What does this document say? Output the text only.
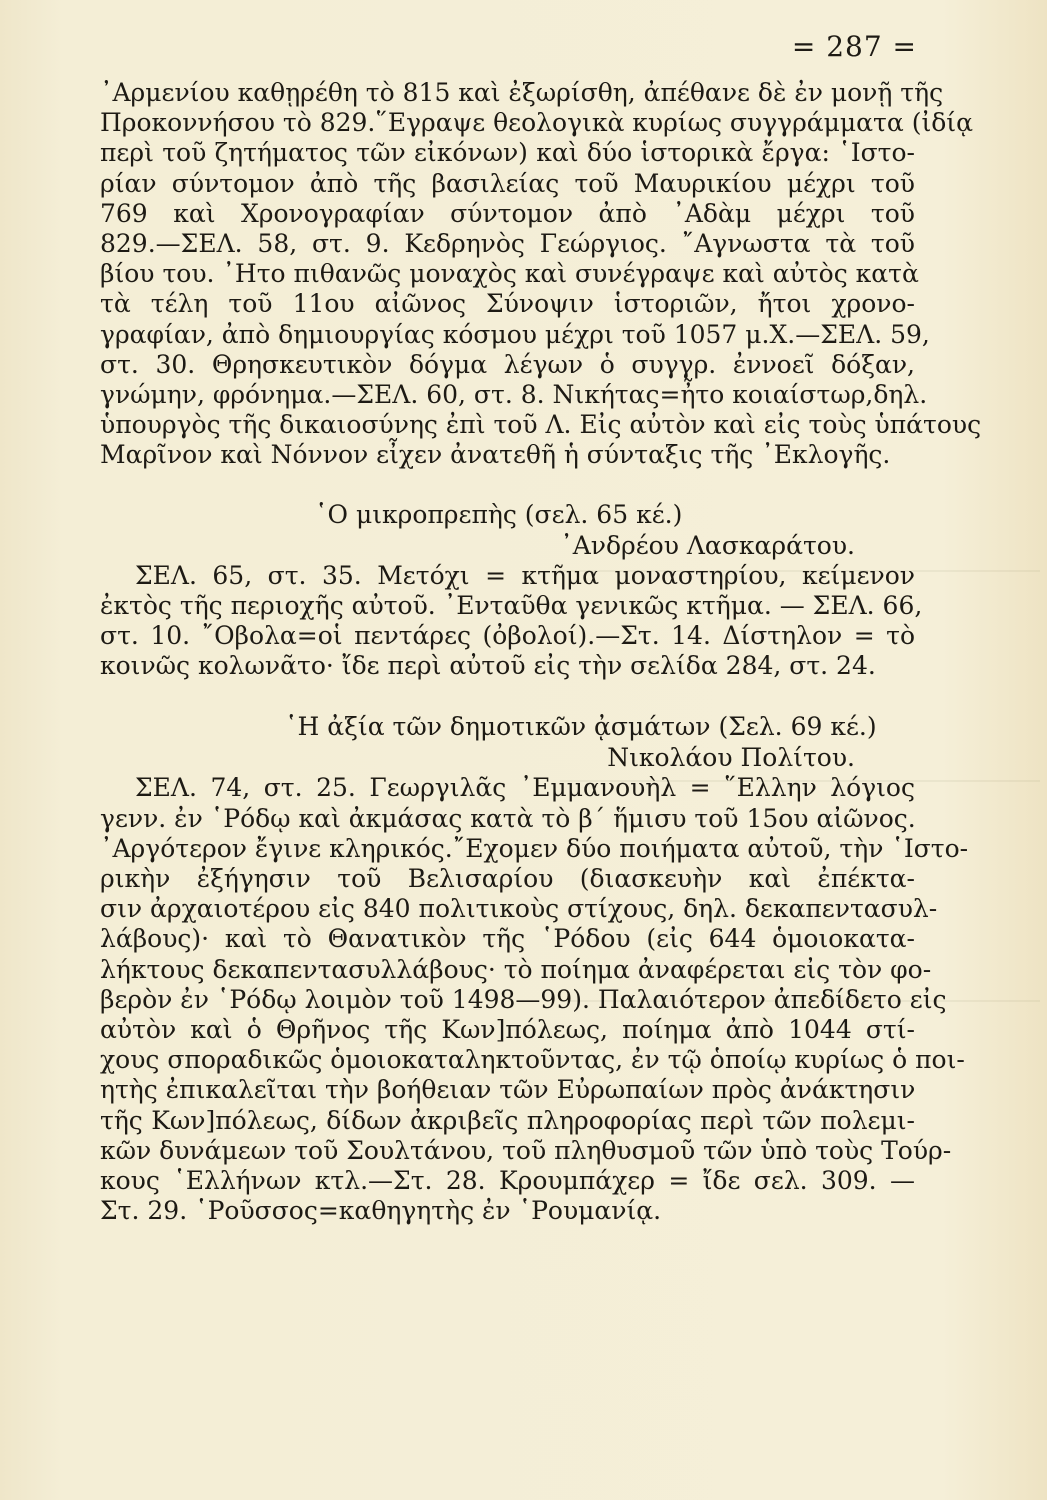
= 287 =
᾿Αρμενίου καθῃρέθη τὸ 815 καὶ ἐξωρίσθη, ἀπέθανε δὲ ἐν μονῇ τῆς
Προκοννήσου τὸ 829.῞Εγραψε θεολογικὰ κυρίως συγγράμματα (ἰδίᾳ
περὶ τοῦ ζητήματος τῶν εἰκόνων) καὶ δύο ἱστορικὰ ἔργα: ῾Ιστο-
ρίαν σύντομον ἀπὸ τῆς βασιλείας τοῦ Μαυρικίου μέχρι τοῦ
769 καὶ Χρονογραφίαν σύντομον ἀπὸ ᾿Αδὰμ μέχρι τοῦ
829.—ΣΕΛ. 58, στ. 9. Κεδρηνὸς Γεώργιος. ῎Αγνωστα τὰ τοῦ
βίου του. ᾿Ητο πιθανῶς μοναχὸς καὶ συνέγραψε καὶ αὐτὸς κατὰ
τὰ τέλη τοῦ 11ου αἰῶνος Σύνοψιν ἱστοριῶν, ἤτοι χρονο-
γραφίαν, ἀπὸ δημιουργίας κόσμου μέχρι τοῦ 1057 μ.Χ.—ΣΕΛ. 59,
στ. 30. Θρησκευτικὸν δόγμα λέγων ὁ συγγρ. ἐννοεῖ δόξαν,
γνώμην, φρόνημα.—ΣΕΛ. 60, στ. 8. Νικήτας=ἦτο κοιαίστωρ,δηλ.
ὑπουργὸς τῆς δικαιοσύνης ἐπὶ τοῦ Λ. Εἰς αὐτὸν καὶ εἰς τοὺς ὑπάτους
Μαρῖνον καὶ Νόννον εἶχεν ἀνατεθῆ ἡ σύνταξις τῆς ᾿Εκλογῆς.
῾Ο μικροπρεπὴς (σελ. 65 κέ.)
᾿Ανδρέου Λασκαράτου.
ΣΕΛ. 65, στ. 35. Μετόχι = κτῆμα μοναστηρίου, κείμενον
ἐκτὸς τῆς περιοχῆς αὐτοῦ. ᾿Ενταῦθα γενικῶς κτῆμα. — ΣΕΛ. 66,
στ. 10. ῎Οβολα=οἱ πεντάρες (ὀβολοί).—Στ. 14. Δίστηλον = τὸ
κοινῶς κολωνᾶτο· ἴδε περὶ αὐτοῦ εἰς τὴν σελίδα 284, στ. 24.
῾Η ἀξία τῶν δημοτικῶν ᾀσμάτων (Σελ. 69 κέ.)
Νικολάου Πολίτου.
ΣΕΛ. 74, στ. 25. Γεωργιλᾶς ᾿Εμμανουὴλ = ῞Ελλην λόγιος
γενν. ἐν ῾Ρόδῳ καὶ ἀκμάσας κατὰ τὸ β΄ ἥμισυ τοῦ 15ου αἰῶνος.
᾿Αργότερον ἔγινε κληρικός.῎Εχομεν δύο ποιήματα αὐτοῦ, τὴν ῾Ιστο-
ρικὴν ἐξήγησιν τοῦ Βελισαρίου (διασκευὴν καὶ ἐπέκτα-
σιν ἀρχαιοτέρου εἰς 840 πολιτικοὺς στίχους, δηλ. δεκαπεντασυλ-
λάβους)· καὶ τὸ Θανατικὸν τῆς ῾Ρόδου (εἰς 644 ὁμοιοκατα-
λήκτους δεκαπεντασυλλάβους· τὸ ποίημα ἀναφέρεται εἰς τὸν φο-
βερὸν ἐν ῾Ρόδῳ λοιμὸν τοῦ 1498—99). Παλαιότερον ἀπεδίδετο εἰς
αὐτὸν καὶ ὁ Θρῆνος τῆς Κων]πόλεως, ποίημα ἀπὸ 1044 στί-
χους σποραδικῶς ὁμοιοκαταληκτοῦντας, ἐν τῷ ὁποίῳ κυρίως ὁ ποι-
ητὴς ἐπικαλεῖται τὴν βοήθειαν τῶν Εὐρωπαίων πρὸς ἀνάκτησιν
τῆς Κων]πόλεως, δίδων ἀκριβεῖς πληροφορίας περὶ τῶν πολεμι-
κῶν δυνάμεων τοῦ Σουλτάνου, τοῦ πληθυσμοῦ τῶν ὑπὸ τοὺς Τούρ-
κους ῾Ελλήνων κτλ.—Στ. 28. Κρουμπάχερ = ἴδε σελ. 309. —
Στ. 29. ῾Ροῦσσος=καθηγητὴς ἐν ῾Ρουμανίᾳ.
